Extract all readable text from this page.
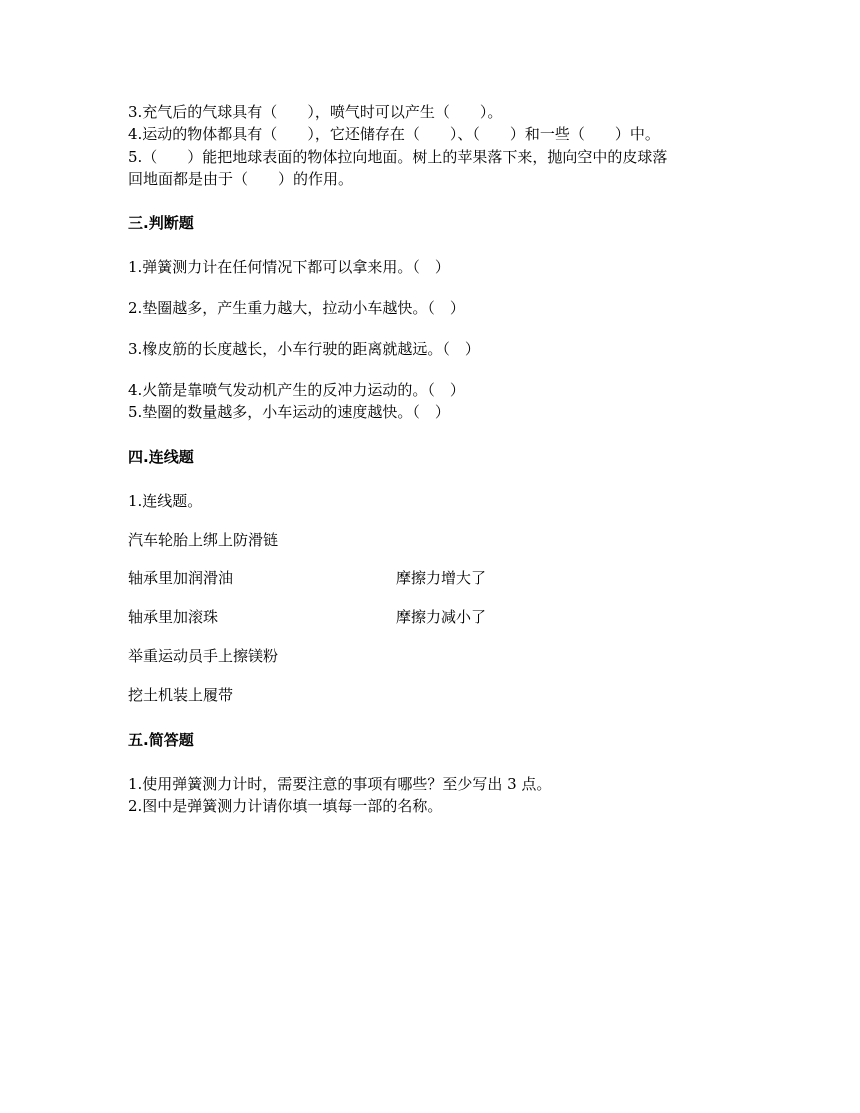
3.充气后的气球具有（　　），喷气时可以产生（　　）。
4.运动的物体都具有（　　），它还储存在（　　）、（　　）和一些（　　）中。
5.（　　）能把地球表面的物体拉向地面。树上的苹果落下来，抛向空中的皮球落
回地面都是由于（　　）的作用。
三.判断题
1.弹簧测力计在任何情况下都可以拿来用。（　）
2.垫圈越多，产生重力越大，拉动小车越快。（　）
3.橡皮筋的长度越长，小车行驶的距离就越远。（　）
4.火箭是靠喷气发动机产生的反冲力运动的。（　）
5.垫圈的数量越多，小车运动的速度越快。（　）
四.连线题
1.连线题。
汽车轮胎上绑上防滑链
轴承里加润滑油	摩擦力增大了
轴承里加滚珠	摩擦力减小了
举重运动员手上擦镁粉
挖土机装上履带
五.简答题
1.使用弹簧测力计时，需要注意的事项有哪些？至少写出 3 点。
2.图中是弹簧测力计请你填一填每一部的名称。
